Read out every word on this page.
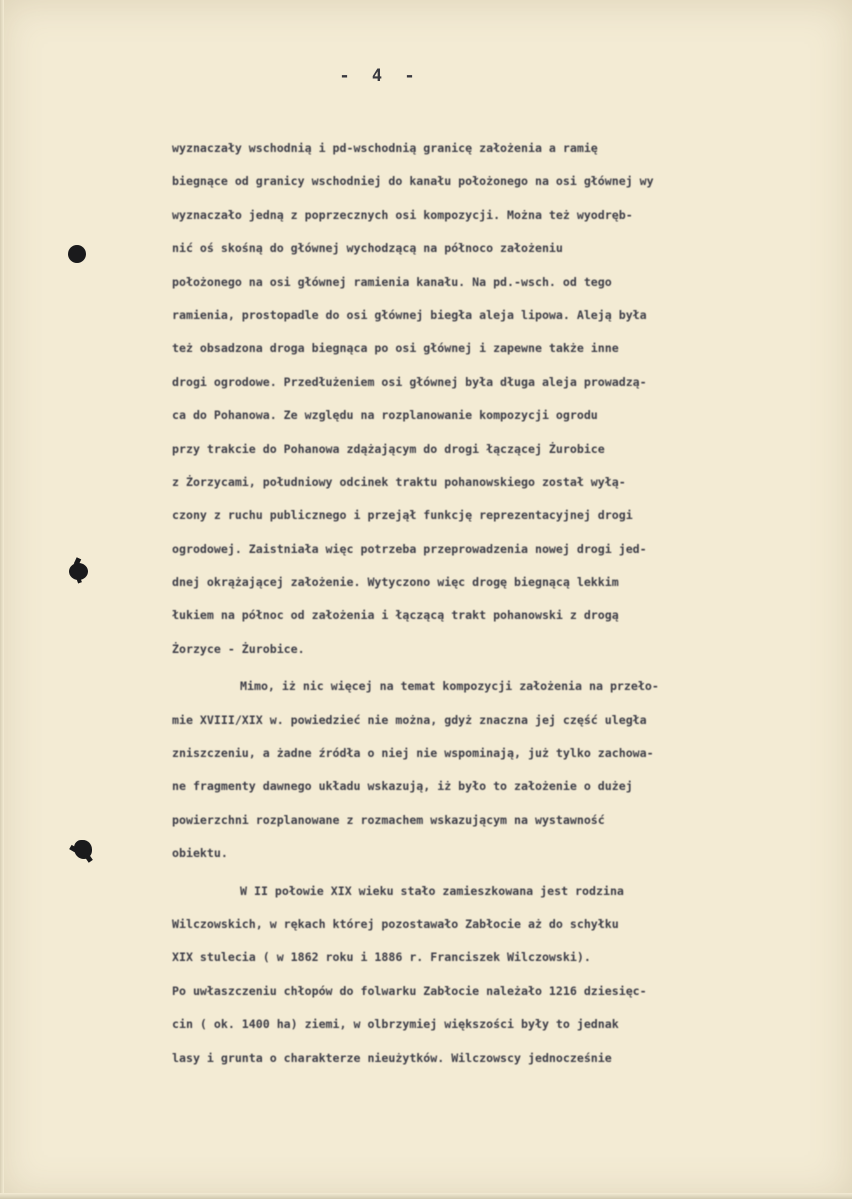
- 4 -
wyznaczały wschodnią i pd-wschodnią granicę założenia a ramię
biegnące od granicy wschodniej do kanału położonego na osi głównej wy
wyznaczało jedną z poprzecznych osi kompozycji. Można też wyodręb-
nić oś skośną do głównej wychodzącą na północo założeniu
położonego na osi głównej ramienia kanału. Na pd.-wsch. od tego
ramienia, prostopadle do osi głównej biegła aleja lipowa. Aleją była
też obsadzona droga biegnąca po osi głównej i zapewne także inne
drogi ogrodowe. Przedłużeniem osi głównej była długa aleja prowadzą-
ca do Pohanowa. Ze względu na rozplanowanie kompozycji ogrodu
przy trakcie do Pohanowa zdążającym do drogi łączącej Żurobice
z Żorzycami, południowy odcinek traktu pohanowskiego został wyłą-
czony z ruchu publicznego i przejął funkcję reprezentacyjnej drogi
ogrodowej. Zaistniała więc potrzeba przeprowadzenia nowej drogi jed-
dnej okrążającej założenie. Wytyczono więc drogę biegnącą lekkim
łukiem na północ od założenia i łączącą trakt pohanowski z drogą
Żorzyce - Żurobice.
Mimo, iż nic więcej na temat kompozycji założenia na przeło-
mie XVIII/XIX w. powiedzieć nie można, gdyż znaczna jej część uległa
zniszczeniu, a żadne źródła o niej nie wspominają, już tylko zachowa-
ne fragmenty dawnego układu wskazują, iż było to założenie o dużej
powierzchni rozplanowane z rozmachem wskazującym na wystawność
obiektu.
W II połowie XIX wieku stało zamieszkowana jest rodzina
Wilczowskich, w rękach której pozostawało Zabłocie aż do schyłku
XIX stulecia ( w 1862 roku i 1886 r. Franciszek Wilczowski).
Po uwłaszczeniu chłopów do folwarku Zabłocie należało 1216 dziesięc-
cin ( ok. 1400 ha) ziemi, w olbrzymiej większości były to jednak
lasy i grunta o charakterze nieużytków. Wilczowscy jednocześnie
